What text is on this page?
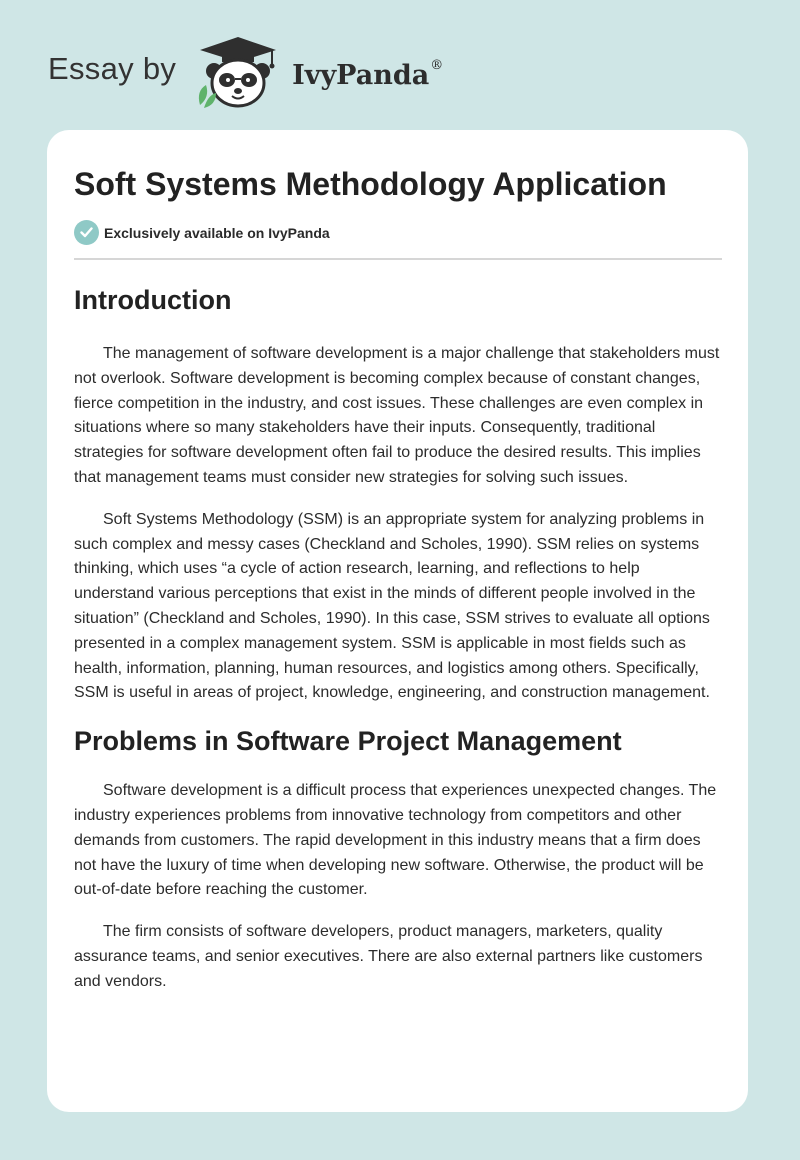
Essay by	IvyPanda®
Soft Systems Methodology Application
Exclusively available on IvyPanda
Introduction

The management of software development is a major challenge that stakeholders must not overlook. Software development is becoming complex because of constant changes, fierce competition in the industry, and cost issues. These challenges are even complex in situations where so many stakeholders have their inputs. Consequently, traditional strategies for software development often fail to produce the desired results. This implies that management teams must consider new strategies for solving such issues.

Soft Systems Methodology (SSM) is an appropriate system for analyzing problems in such complex and messy cases (Checkland and Scholes, 1990). SSM relies on systems thinking, which uses “a cycle of action research, learning, and reflections to help understand various perceptions that exist in the minds of different people involved in the situation” (Checkland and Scholes, 1990). In this case, SSM strives to evaluate all options presented in a complex management system. SSM is applicable in most fields such as health, information, planning, human resources, and logistics among others. Specifically, SSM is useful in areas of project, knowledge, engineering, and construction management.

Problems in Software Project Management

Software development is a difficult process that experiences unexpected changes. The industry experiences problems from innovative technology from competitors and other demands from customers. The rapid development in this industry means that a firm does not have the luxury of time when developing new software. Otherwise, the product will be out-of-date before reaching the customer.

The firm consists of software developers, product managers, marketers, quality assurance teams, and senior executives. There are also external partners like customers and vendors.
